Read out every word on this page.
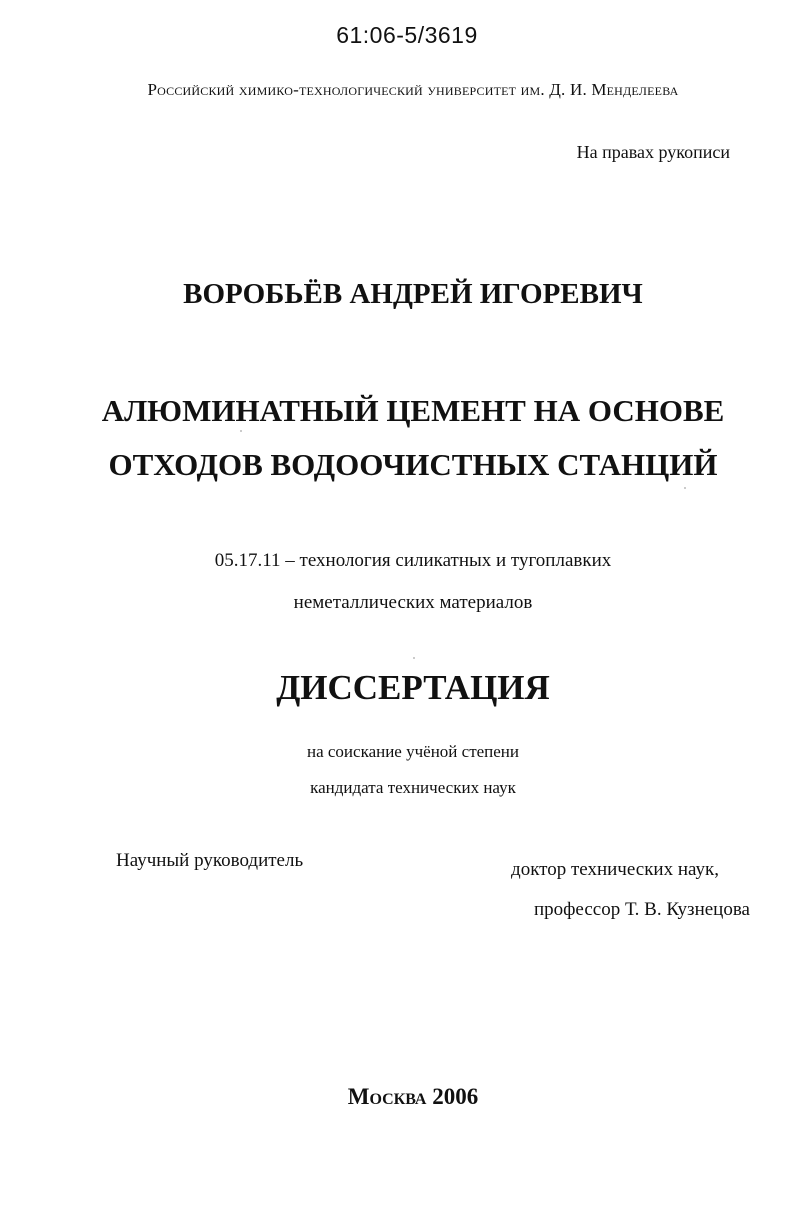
61:06-5/3619
Российский химико-технологический университет им. Д. И. Менделеева
На правах рукописи
ВОРОБЬЁВ АНДРЕЙ ИГОРЕВИЧ
АЛЮМИНАТНЫЙ ЦЕМЕНТ НА ОСНОВЕ
ОТХОДОВ ВОДООЧИСТНЫХ СТАНЦИЙ
05.17.11 – технология силикатных и тугоплавких
неметаллических материалов
ДИССЕРТАЦИЯ
на соискание учёной степени
кандидата технических наук
Научный руководитель	доктор технических наук,
профессор Т. В. Кузнецова
Москва 2006
